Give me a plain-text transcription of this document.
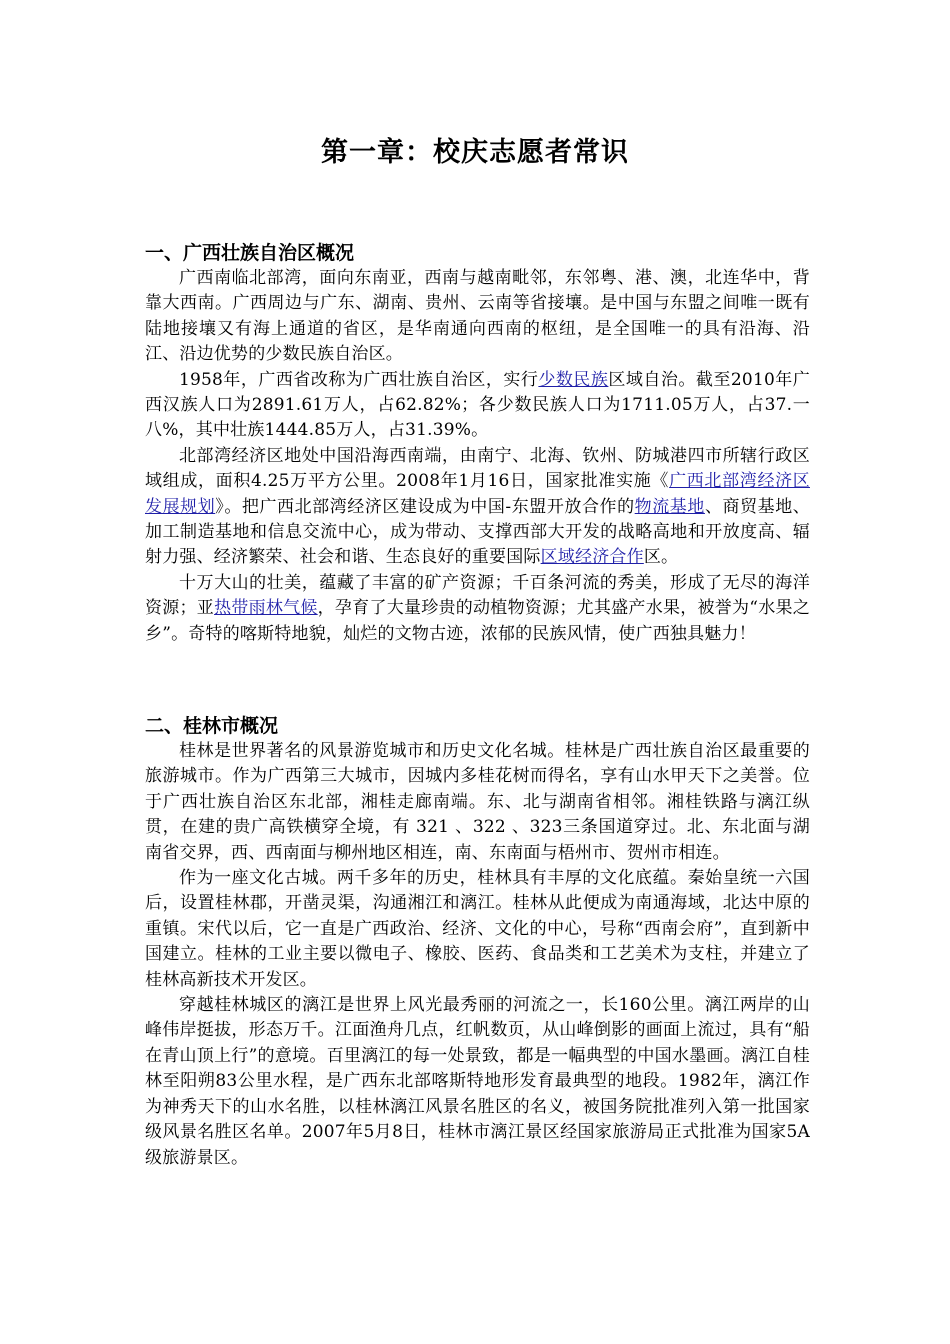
第一章：校庆志愿者常识

一、广西壮族自治区概况

广西南临北部湾，面向东南亚，西南与越南毗邻，东邻粤、港、澳，北连华中，背靠大西南。广西周边与广东、湖南、贵州、云南等省接壤。是中国与东盟之间唯一既有陆地接壤又有海上通道的省区，是华南通向西南的枢纽，是全国唯一的具有沿海、沿江、沿边优势的少数民族自治区。

1958年，广西省改称为广西壮族自治区，实行少数民族区域自治。截至2010年广西汉族人口为2891.61万人，占62.82%；各少数民族人口为1711.05万人，占37.一八%，其中壮族1444.85万人，占31.39%。

北部湾经济区地处中国沿海西南端，由南宁、北海、钦州、防城港四市所辖行政区域组成，面积4.25万平方公里。2008年1月16日，国家批准实施《广西北部湾经济区发展规划》。把广西北部湾经济区建设成为中国-东盟开放合作的物流基地、商贸基地、加工制造基地和信息交流中心，成为带动、支撑西部大开发的战略高地和开放度高、辐射力强、经济繁荣、社会和谐、生态良好的重要国际区域经济合作区。

十万大山的壮美，蕴藏了丰富的矿产资源；千百条河流的秀美，形成了无尽的海洋资源；亚热带雨林气候，孕育了大量珍贵的动植物资源；尤其盛产水果，被誉为“水果之乡”。奇特的喀斯特地貌，灿烂的文物古迹，浓郁的民族风情，使广西独具魅力！

二、桂林市概况

桂林是世界著名的风景游览城市和历史文化名城。桂林是广西壮族自治区最重要的旅游城市。作为广西第三大城市，因城内多桂花树而得名，享有山水甲天下之美誉。位于广西壮族自治区东北部，湘桂走廊南端。东、北与湖南省相邻。湘桂铁路与漓江纵贯，在建的贵广高铁横穿全境，有 321 、322 、323三条国道穿过。北、东北面与湖南省交界，西、西南面与柳州地区相连，南、东南面与梧州市、贺州市相连。

作为一座文化古城。两千多年的历史，桂林具有丰厚的文化底蕴。秦始皇统一六国后，设置桂林郡，开凿灵渠，沟通湘江和漓江。桂林从此便成为南通海域，北达中原的重镇。宋代以后，它一直是广西政治、经济、文化的中心，号称“西南会府”，直到新中国建立。桂林的工业主要以微电子、橡胶、医药、食品类和工艺美术为支柱，并建立了桂林高新技术开发区。

穿越桂林城区的漓江是世界上风光最秀丽的河流之一，长160公里。漓江两岸的山峰伟岸挺拔，形态万千。江面渔舟几点，红帆数页，从山峰倒影的画面上流过，具有“船在青山顶上行”的意境。百里漓江的每一处景致，都是一幅典型的中国水墨画。漓江自桂林至阳朔83公里水程，是广西东北部喀斯特地形发育最典型的地段。1982年，漓江作为神秀天下的山水名胜，以桂林漓江风景名胜区的名义，被国务院批准列入第一批国家级风景名胜区名单。2007年5月8日，桂林市漓江景区经国家旅游局正式批准为国家5A级旅游景区。
